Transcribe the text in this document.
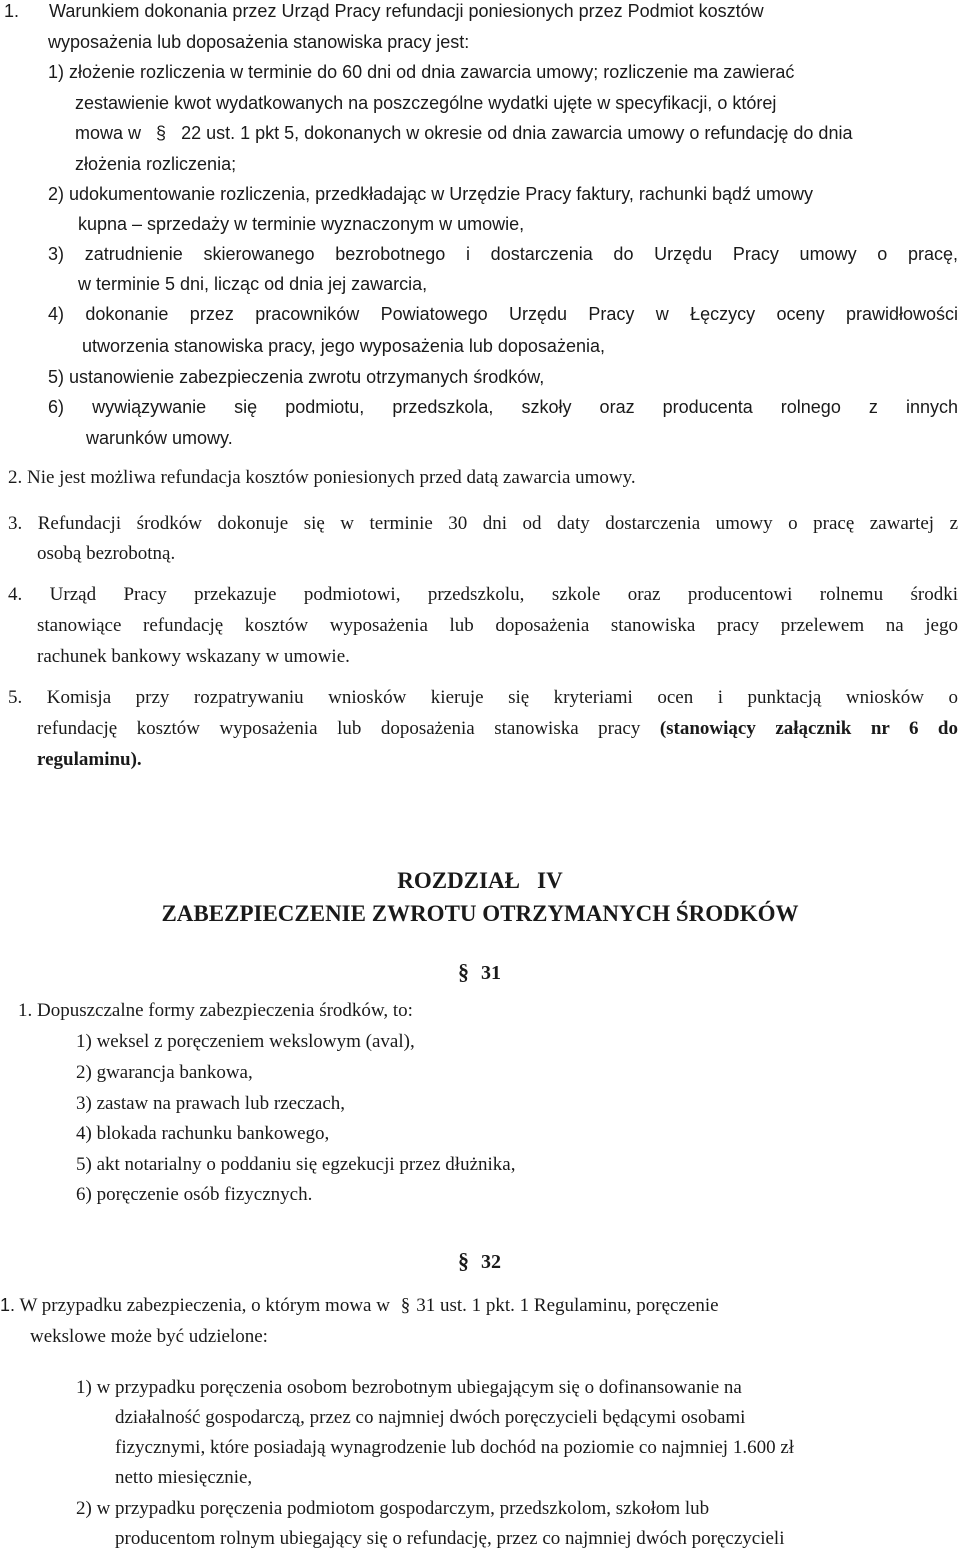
1. Warunkiem dokonania przez Urząd Pracy refundacji poniesionych przez Podmiot kosztów
wyposażenia lub doposażenia stanowiska pracy jest:
1) złożenie rozliczenia w terminie do 60 dni od dnia zawarcia umowy; rozliczenie ma zawierać
zestawienie kwot wydatkowanych na poszczególne wydatki ujęte w specyfikacji, o której
mowa w § 22 ust. 1 pkt 5, dokonanych w okresie od dnia zawarcia umowy o refundację do dnia
złożenia rozliczenia;
2) udokumentowanie rozliczenia, przedkładając w Urzędzie Pracy faktury, rachunki bądź umowy
kupna – sprzedaży w terminie wyznaczonym w umowie,
3) zatrudnienie skierowanego bezrobotnego i dostarczenia do Urzędu Pracy umowy o pracę,
w terminie 5 dni, licząc od dnia jej zawarcia,
4) dokonanie przez pracowników Powiatowego Urzędu Pracy w Łęczycy oceny prawidłowości
utworzenia stanowiska pracy, jego wyposażenia lub doposażenia,
5) ustanowienie zabezpieczenia zwrotu otrzymanych środków,
6) wywiązywanie się podmiotu, przedszkola, szkoły oraz producenta rolnego z innych
warunków umowy.
2. Nie jest możliwa refundacja kosztów poniesionych przed datą zawarcia umowy.
3. Refundacji środków dokonuje się w terminie 30 dni od daty dostarczenia umowy o pracę zawartej z
osobą bezrobotną.
4. Urząd Pracy przekazuje podmiotowi, przedszkolu, szkole oraz producentowi rolnemu środki
stanowiące refundację kosztów wyposażenia lub doposażenia stanowiska pracy przelewem na jego
rachunek bankowy wskazany w umowie.
5. Komisja przy rozpatrywaniu wniosków kieruje się kryteriami ocen i punktacją wniosków o
refundację kosztów wyposażenia lub doposażenia stanowiska pracy (stanowiący załącznik nr 6 do
regulaminu).
ROZDZIAŁ   IV
ZABEZPIECZENIE ZWROTU OTRZYMANYCH ŚRODKÓW
§ 31
1. Dopuszczalne formy zabezpieczenia środków, to:
1) weksel z poręczeniem wekslowym (aval),
2) gwarancja bankowa,
3) zastaw na prawach lub rzeczach,
4) blokada rachunku bankowego,
5) akt notarialny o poddaniu się egzekucji przez dłużnika,
6) poręczenie osób fizycznych.
§ 32
1. W przypadku zabezpieczenia, o którym mowa w § 31 ust. 1 pkt. 1 Regulaminu, poręczenie
wekslowe może być udzielone:
1) w przypadku poręczenia osobom bezrobotnym ubiegającym się o dofinansowanie na
działalność gospodarczą, przez co najmniej dwóch poręczycieli będącymi osobami
fizycznymi, które posiadają wynagrodzenie lub dochód na poziomie co najmniej 1.600 zł
netto miesięcznie,
2) w przypadku poręczenia podmiotom gospodarczym, przedszkolom, szkołom lub
producentom rolnym ubiegający się o refundację, przez co najmniej dwóch poręczycieli
